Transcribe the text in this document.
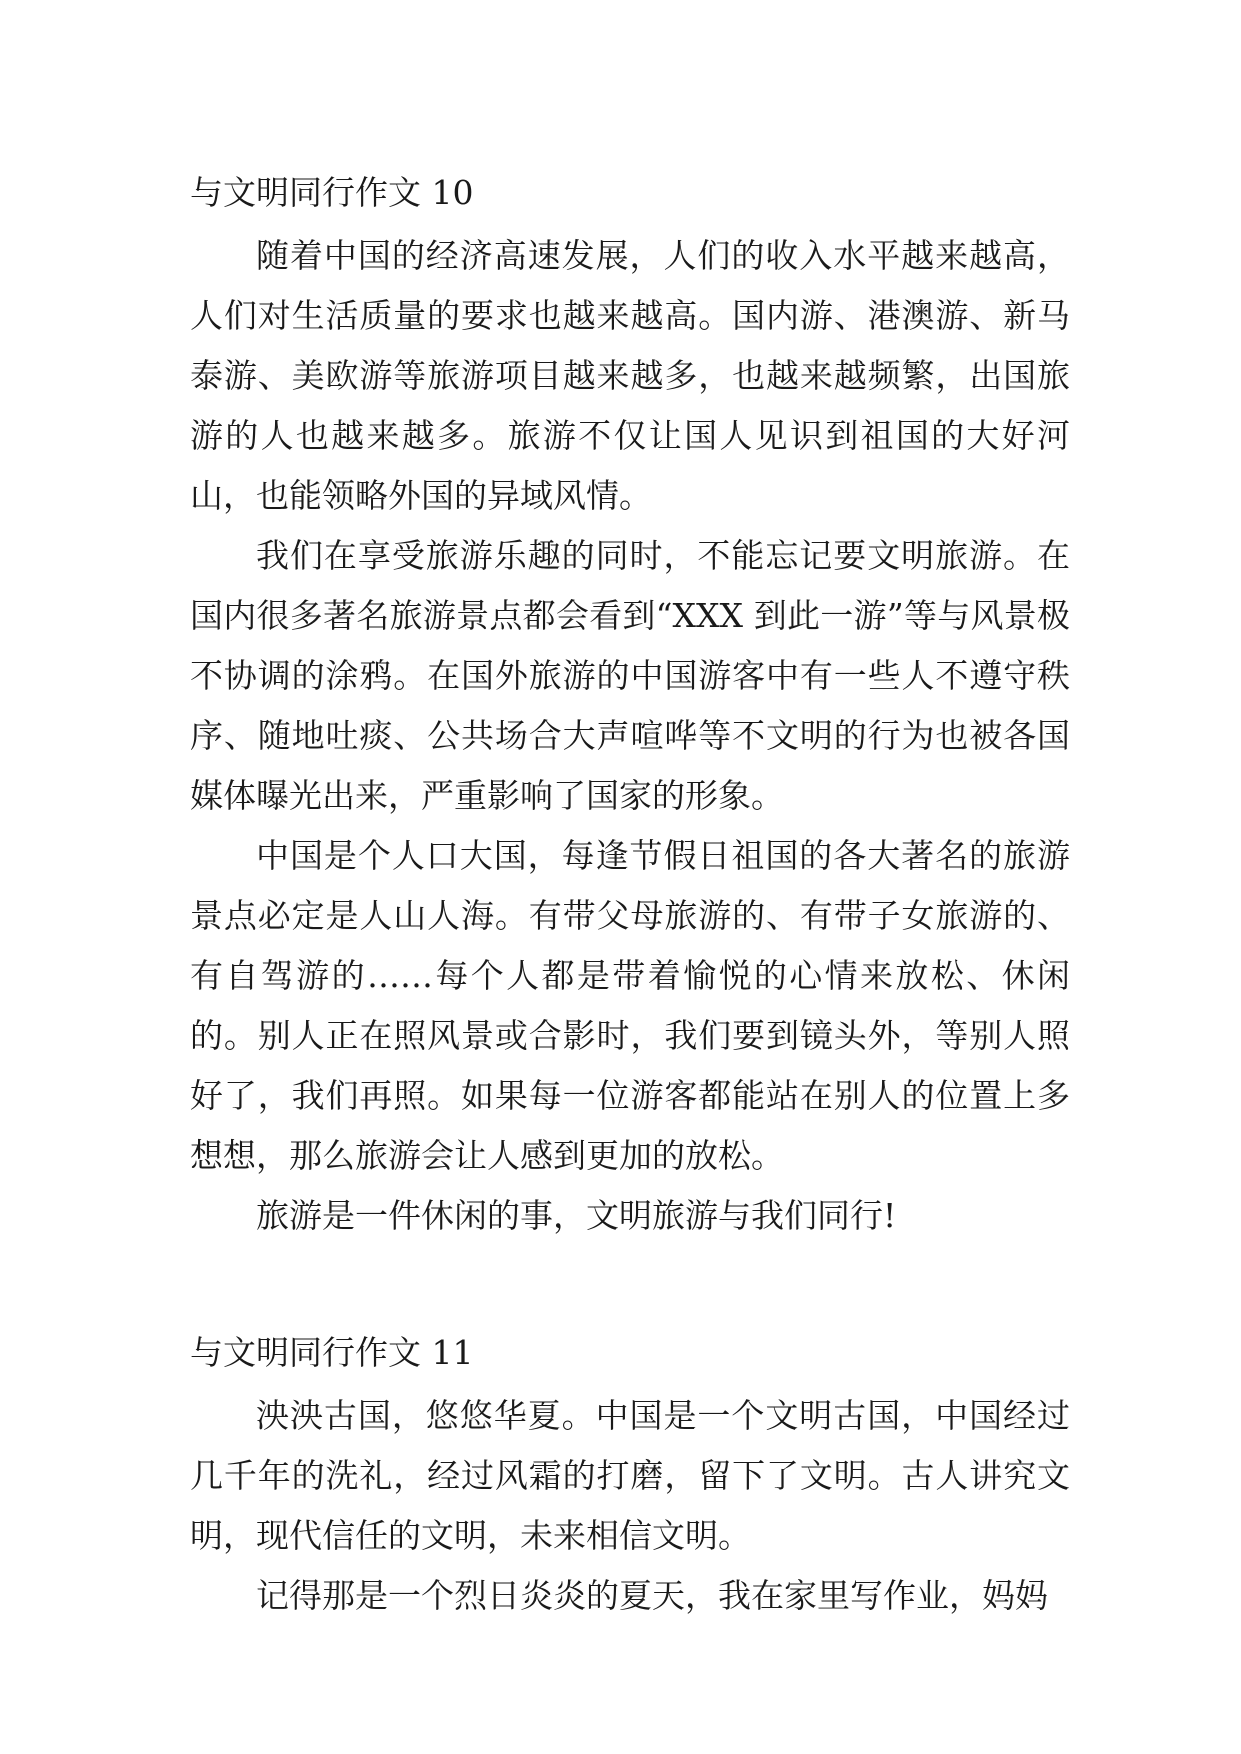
与文明同行作文 10

随着中国的经济高速发展，人们的收入水平越来越高，人们对生活质量的要求也越来越高。国内游、港澳游、新马泰游、美欧游等旅游项目越来越多，也越来越频繁，出国旅游的人也越来越多。旅游不仅让国人见识到祖国的大好河山，也能领略外国的异域风情。

我们在享受旅游乐趣的同时，不能忘记要文明旅游。在国内很多著名旅游景点都会看到“XXX 到此一游”等与风景极不协调的涂鸦。在国外旅游的中国游客中有一些人不遵守秩序、随地吐痰、公共场合大声喧哗等不文明的行为也被各国媒体曝光出来，严重影响了国家的形象。

中国是个人口大国，每逢节假日祖国的各大著名的旅游景点必定是人山人海。有带父母旅游的、有带子女旅游的、有自驾游的……每个人都是带着愉悦的心情来放松、休闲的。别人正在照风景或合影时，我们要到镜头外，等别人照好了，我们再照。如果每一位游客都能站在别人的位置上多想想，那么旅游会让人感到更加的放松。

旅游是一件休闲的事，文明旅游与我们同行!

与文明同行作文 11

泱泱古国，悠悠华夏。中国是一个文明古国，中国经过几千年的洗礼，经过风霜的打磨，留下了文明。古人讲究文明，现代信任的文明，未来相信文明。

记得那是一个烈日炎炎的夏天，我在家里写作业，妈妈
